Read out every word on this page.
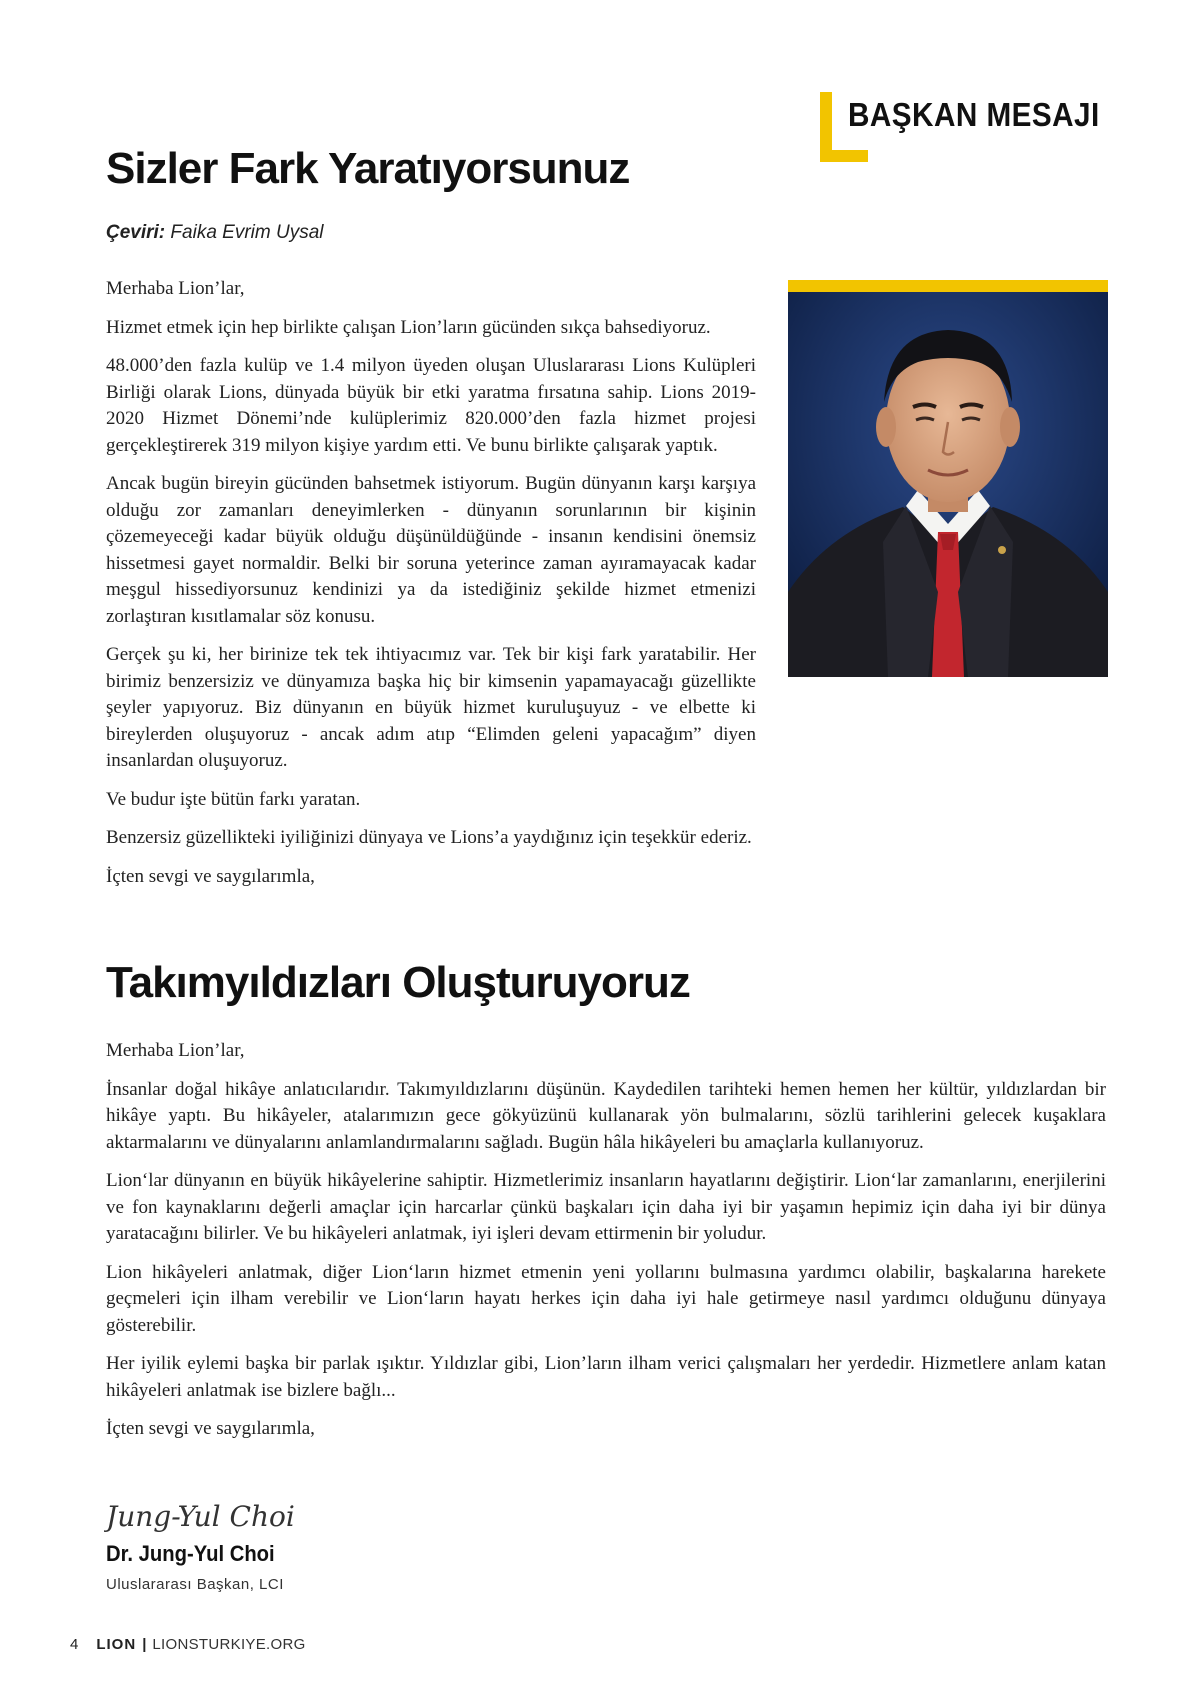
BAŞKAN MESAJI
Sizler Fark Yaratıyorsunuz
Çeviri: Faika Evrim Uysal

Merhaba Lion’lar,

Hizmet etmek için hep birlikte çalışan Lion’ların gücünden sıkça bahsediyoruz.

48.000’den fazla kulüp ve 1.4 milyon üyeden oluşan Uluslararası Lions Kulüpleri Birliği olarak Lions, dünyada büyük bir etki yaratma fırsatına sahip. Lions 2019-2020 Hizmet Dönemi’nde kulüplerimiz 820.000’den fazla hizmet projesi gerçekleştirerek 319 milyon kişiye yardım etti. Ve bunu birlikte çalışarak yaptık.

Ancak bugün bireyin gücünden bahsetmek istiyorum. Bugün dünyanın karşı karşıya olduğu zor zamanları deneyimlerken - dünyanın sorunlarının bir kişinin çözemeyeceği kadar büyük olduğu düşünüldüğünde - insanın kendisini önemsiz hissetmesi gayet normaldir. Belki bir soruna yeterince zaman ayıramayacak kadar meşgul hissediyorsunuz kendinizi ya da istediğiniz şekilde hizmet etmenizi zorlaştıran kısıtlamalar söz konusu.

Gerçek şu ki, her birinize tek tek ihtiyacımız var. Tek bir kişi fark yaratabilir. Her birimiz benzersiziz ve dünyamıza başka hiç bir kimsenin yapamayacağı güzellikte şeyler yapıyoruz. Biz dünyanın en büyük hizmet kuruluşuyuz - ve elbette ki bireylerden oluşuyoruz - ancak adım atıp “Elimden geleni yapacağım” diyen insanlardan oluşuyoruz.

Ve budur işte bütün farkı yaratan.

Benzersiz güzellikteki iyiliğinizi dünyaya ve Lions’a yaydığınız için teşekkür ederiz.

İçten sevgi ve saygılarımla,

Takımyıldızları Oluşturuyoruz

Merhaba Lion’lar,

İnsanlar doğal hikâye anlatıcılarıdır. Takımyıldızlarını düşünün. Kaydedilen tarihteki hemen hemen her kültür, yıldızlardan bir hikâye yaptı. Bu hikâyeler, atalarımızın gece gökyüzünü kullanarak yön bulmalarını, sözlü tarihlerini gelecek kuşaklara aktarmalarını ve dünyalarını anlamlandırmalarını sağladı. Bugün hâla hikâyeleri bu amaçlarla kullanıyoruz.

Lion‘lar dünyanın en büyük hikâyelerine sahiptir. Hizmetlerimiz insanların hayatlarını değiştirir. Lion‘lar zamanlarını, enerjilerini ve fon kaynaklarını değerli amaçlar için harcarlar çünkü başkaları için daha iyi bir yaşamın hepimiz için daha iyi bir dünya yaratacağını bilirler. Ve bu hikâyeleri anlatmak, iyi işleri devam ettirmenin bir yoludur.

Lion hikâyeleri anlatmak, diğer Lion‘ların hizmet etmenin yeni yollarını bulmasına yardımcı olabilir, başkalarına harekete geçmeleri için ilham verebilir ve Lion‘ların hayatı herkes için daha iyi hale getirmeye nasıl yardımcı olduğunu dünyaya gösterebilir.

Her iyilik eylemi başka bir parlak ışıktır. Yıldızlar gibi, Lion’ların ilham verici çalışmaları her yerdedir. Hizmetlere anlam katan hikâyeleri anlatmak ise bizlere bağlı...

İçten sevgi ve saygılarımla,

Jung-Yul Choi
Dr. Jung-Yul Choi
Uluslararası Başkan, LCI
4 LION | LIONSTURKIYE.ORG
